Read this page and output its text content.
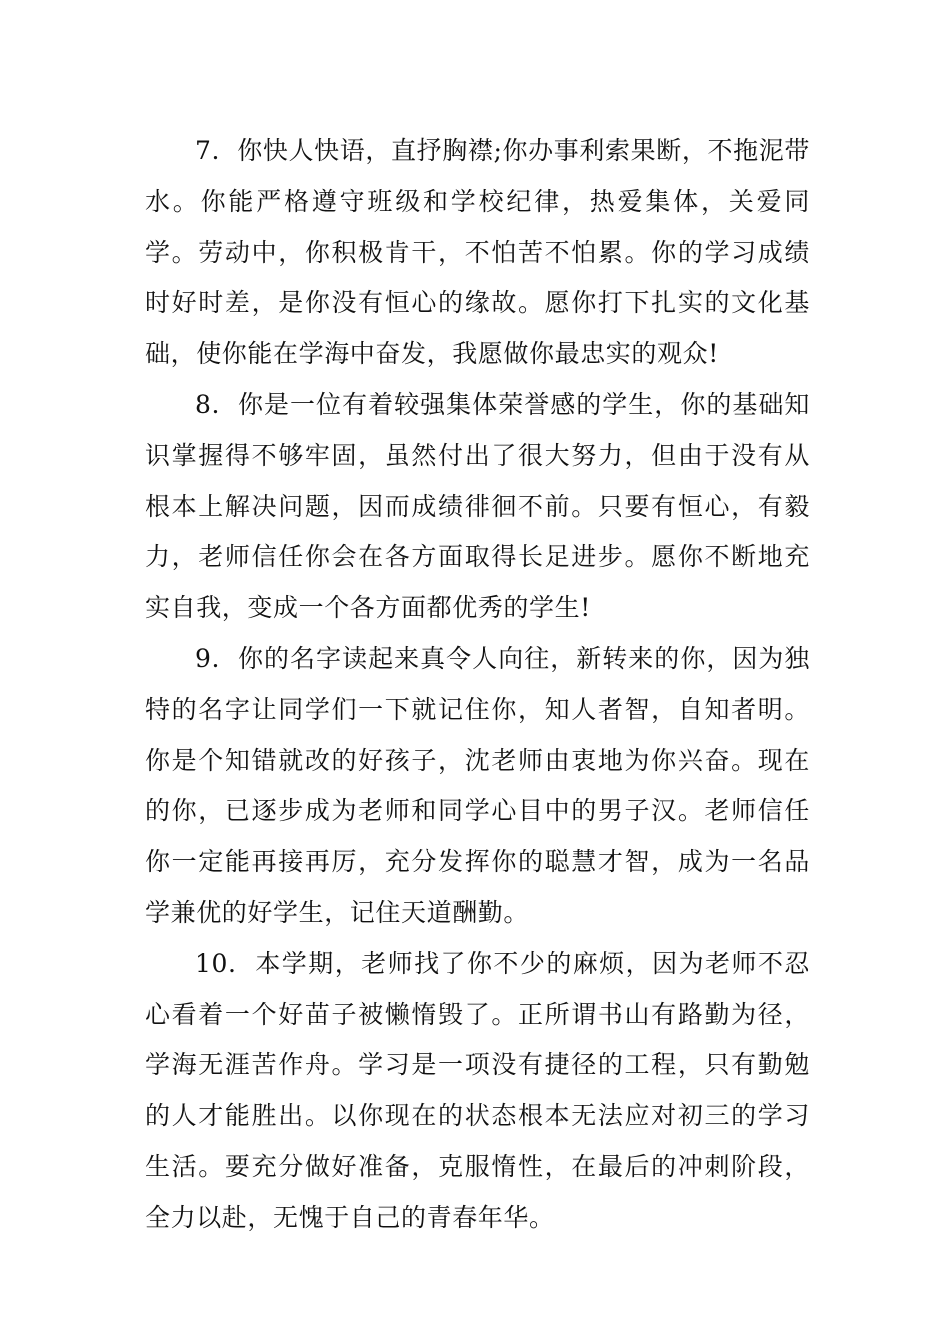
7. 你快人快语，直抒胸襟;你办事利索果断，不拖泥带水。你能严格遵守班级和学校纪律，热爱集体，关爱同学。劳动中，你积极肯干，不怕苦不怕累。你的学习成绩时好时差，是你没有恒心的缘故。愿你打下扎实的文化基础，使你能在学海中奋发，我愿做你最忠实的观众!

8. 你是一位有着较强集体荣誉感的学生，你的基础知识掌握得不够牢固，虽然付出了很大努力，但由于没有从根本上解决问题，因而成绩徘徊不前。只要有恒心，有毅力，老师信任你会在各方面取得长足进步。愿你不断地充实自我，变成一个各方面都优秀的学生!

9. 你的名字读起来真令人向往，新转来的你，因为独特的名字让同学们一下就记住你，知人者智，自知者明。你是个知错就改的好孩子，沈老师由衷地为你兴奋。现在的你，已逐步成为老师和同学心目中的男子汉。老师信任你一定能再接再厉，充分发挥你的聪慧才智，成为一名品学兼优的好学生，记住天道酬勤。

10. 本学期，老师找了你不少的麻烦，因为老师不忍心看着一个好苗子被懒惰毁了。正所谓书山有路勤为径，学海无涯苦作舟。学习是一项没有捷径的工程，只有勤勉的人才能胜出。以你现在的状态根本无法应对初三的学习生活。要充分做好准备，克服惰性，在最后的冲刺阶段，全力以赴，无愧于自己的青春年华。
